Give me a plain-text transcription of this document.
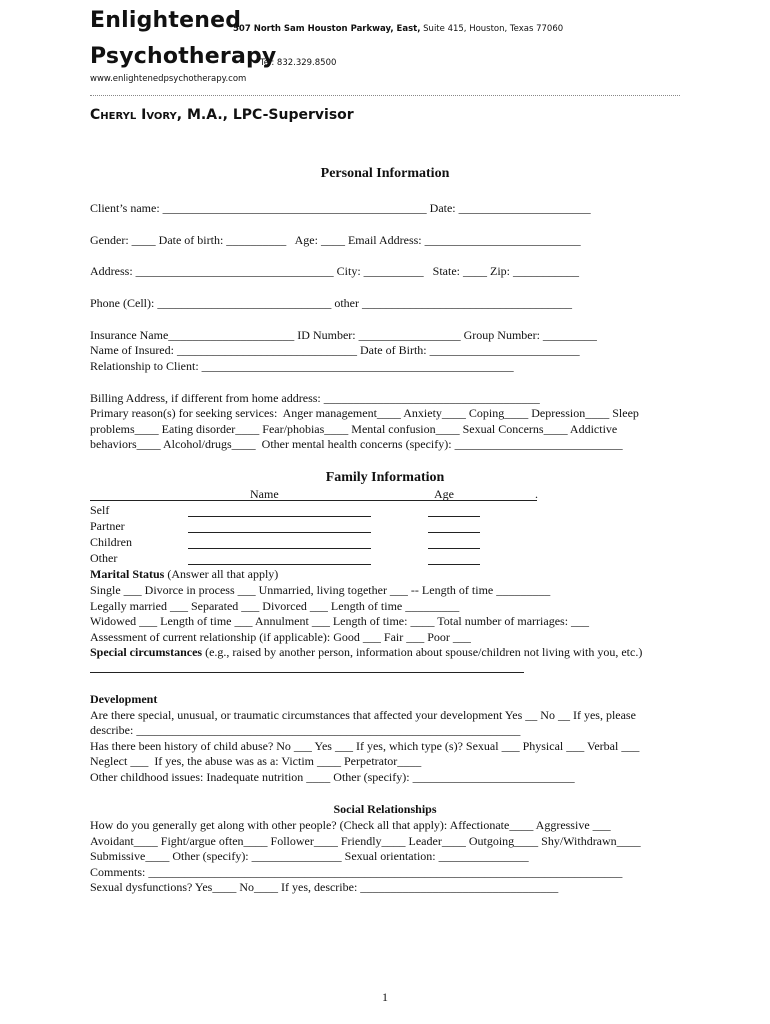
Enlightened
507 North Sam Houston Parkway, East, Suite 415, Houston, Texas 77060
Psychotherapy
Tel: 832.329.8500
www.enlightenedpsychotherapy.com
Cheryl Ivory, M.A., LPC-Supervisor
Personal Information
Client’s name: ____________________________________________ Date: ______________________
Gender: ____ Date of birth: __________   Age: ____ Email Address: __________________________
Address: _________________________________ City: __________   State: ____ Zip: ___________
Phone (Cell): _____________________________ other ___________________________________
Insurance Name_____________________ ID Number: _________________ Group Number: _________
Name of Insured: ______________________________ Date of Birth: _________________________
Relationship to Client: ____________________________________________________
Billing Address, if different from home address: ____________________________________
Primary reason(s) for seeking services:  Anger management____ Anxiety____ Coping____ Depression____ Sleep
problems____ Eating disorder____ Fear/phobias____ Mental confusion____ Sexual Concerns____ Addictive
behaviors____ Alcohol/drugs____  Other mental health concerns (specify): ____________________________
Family Information
Name	Age	.
Self
Partner
Children
Other
Marital Status (Answer all that apply)
Single ___ Divorce in process ___ Unmarried, living together ___ -- Length of time _________
Legally married ___ Separated ___ Divorced ___ Length of time _________
Widowed ___ Length of time ___ Annulment ___ Length of time: ____ Total number of marriages: ___
Assessment of current relationship (if applicable): Good ___ Fair ___ Poor ___
Special circumstances (e.g., raised by another person, information about spouse/children not living with you, etc.)
Development
Are there special, unusual, or traumatic circumstances that affected your development Yes __ No __ If yes, please
describe: ________________________________________________________________
Has there been history of child abuse? No ___ Yes ___ If yes, which type (s)? Sexual ___ Physical ___ Verbal ___
Neglect ___  If yes, the abuse was as a: Victim ____ Perpetrator____
Other childhood issues: Inadequate nutrition ____ Other (specify): ___________________________
Social Relationships
How do you generally get along with other people? (Check all that apply): Affectionate____ Aggressive ___
Avoidant____ Fight/argue often____ Follower____ Friendly____ Leader____ Outgoing____ Shy/Withdrawn____
Submissive____ Other (specify): _______________ Sexual orientation: _______________
Comments: _______________________________________________________________________________
Sexual dysfunctions? Yes____ No____ If yes, describe: _________________________________
1
